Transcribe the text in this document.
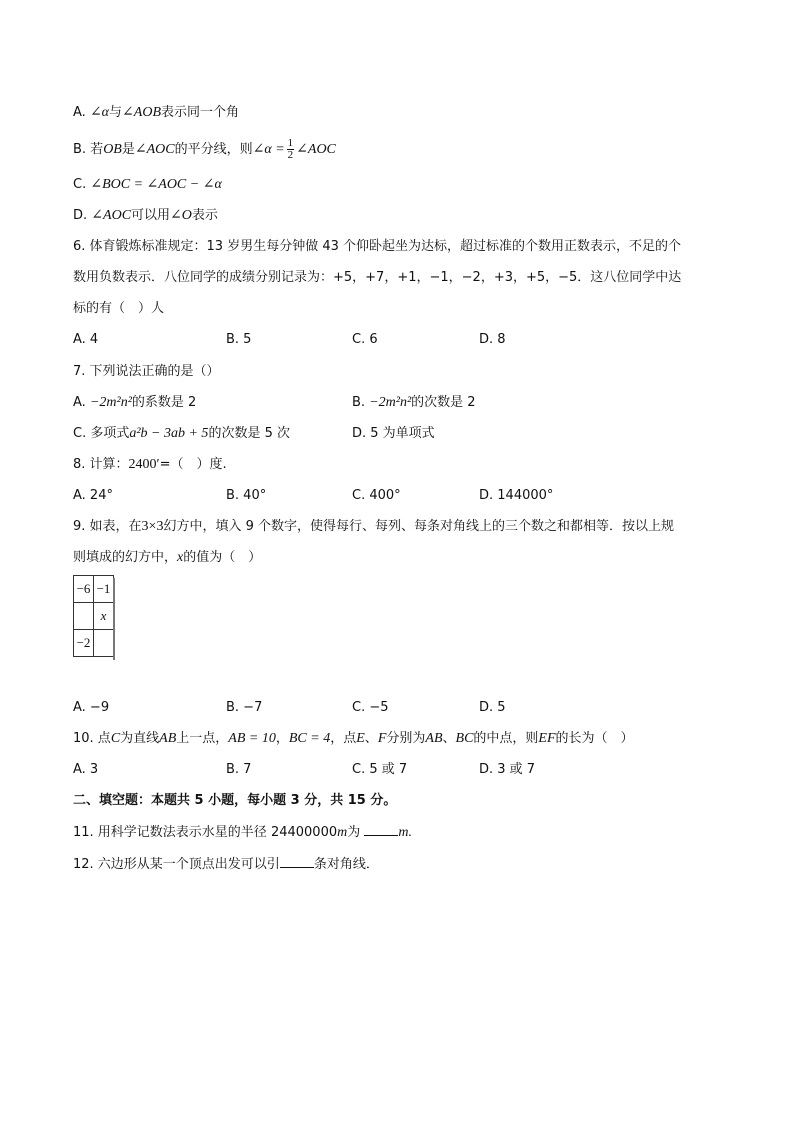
A. ∠α与∠AOB表示同一个角
B. 若OB是∠AOC的平分线，则∠α = $\frac{1}{2}$ ∠AOC
C. ∠BOC = ∠AOC − ∠α
D. ∠AOC可以用∠O表示
6. 体育锻炼标准规定：13 岁男生每分钟做 43 个仰卧起坐为达标，超过标准的个数用正数表示，不足的个
数用负数表示．八位同学的成绩分别记录为：+5，+7，+1，−1，−2，+3，+5，−5．这八位同学中达
标的有（　）人
A. 4	B. 5	C. 6	D. 8
7. 下列说法正确的是（）
A. −2m²n²的系数是 2	B. −2m²n²的次数是 2
C. 多项式a²b − 3ab + 5的次数是 5 次	D. 5 为单项式
8. 计算：2400′=（　）度.
A. 24°	B. 40°	C. 400°	D. 144000°
9. 如表，在3×3幻方中，填入 9 个数字，使得每行、每列、每条对角线上的三个数之和都相等．按以上规
则填成的幻方中，x的值为（　）
−6	−1
	x
−2	
A. −9	B. −7	C. −5	D. 5
10. 点C为直线AB上一点，AB = 10，BC = 4，点E、F分别为AB、BC的中点，则EF的长为（　）
A. 3	B. 7	C. 5 或 7	D. 3 或 7
二、填空题：本题共 5 小题，每小题 3 分，共 15 分。
11. 用科学记数法表示水星的半径 24400000m为	m.
12. 六边形从某一个顶点出发可以引	条对角线．
